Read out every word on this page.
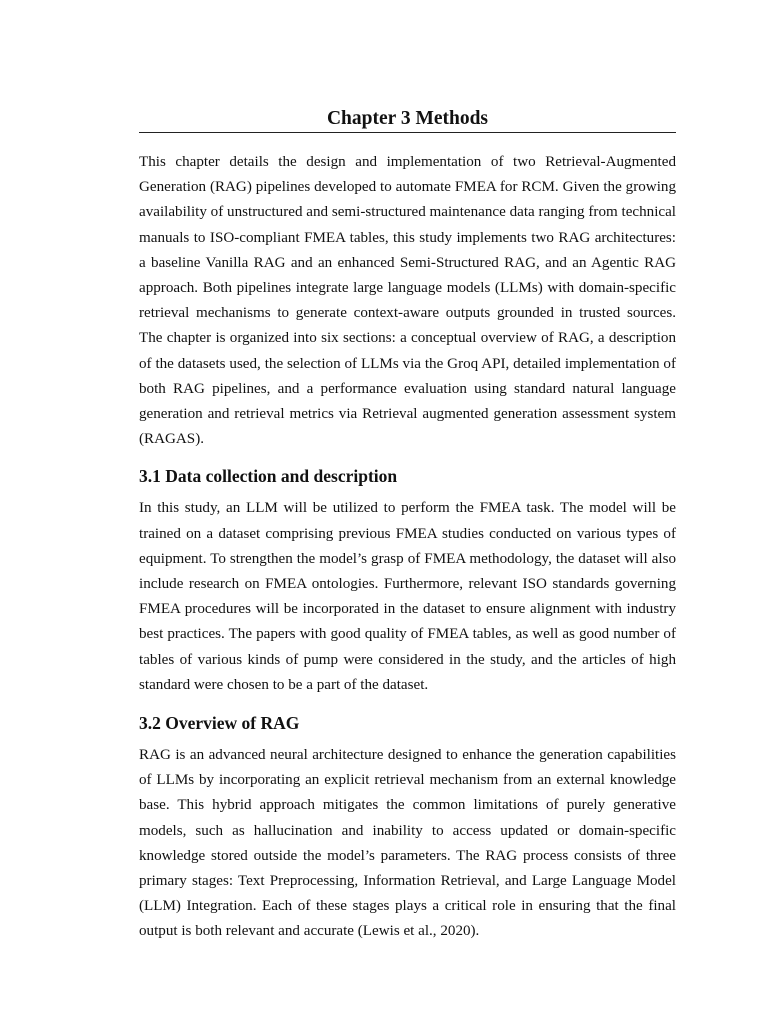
Chapter 3 Methods

This chapter details the design and implementation of two Retrieval-Augmented Generation (RAG) pipelines developed to automate FMEA for RCM. Given the growing availability of unstructured and semi-structured maintenance data ranging from technical manuals to ISO-compliant FMEA tables, this study implements two RAG architectures: a baseline Vanilla RAG and an enhanced Semi-Structured RAG, and an Agentic RAG approach. Both pipelines integrate large language models (LLMs) with domain-specific retrieval mechanisms to generate context-aware outputs grounded in trusted sources. The chapter is organized into six sections: a conceptual overview of RAG, a description of the datasets used, the selection of LLMs via the Groq API, detailed implementation of both RAG pipelines, and a performance evaluation using standard natural language generation and retrieval metrics via Retrieval augmented generation assessment system (RAGAS).

3.1 Data collection and description

In this study, an LLM will be utilized to perform the FMEA task. The model will be trained on a dataset comprising previous FMEA studies conducted on various types of equipment. To strengthen the model’s grasp of FMEA methodology, the dataset will also include research on FMEA ontologies. Furthermore, relevant ISO standards governing FMEA procedures will be incorporated in the dataset to ensure alignment with industry best practices. The papers with good quality of FMEA tables, as well as good number of tables of various kinds of pump were considered in the study, and the articles of high standard were chosen to be a part of the dataset.

3.2 Overview of RAG

RAG is an advanced neural architecture designed to enhance the generation capabilities of LLMs by incorporating an explicit retrieval mechanism from an external knowledge base. This hybrid approach mitigates the common limitations of purely generative models, such as hallucination and inability to access updated or domain-specific knowledge stored outside the model’s parameters. The RAG process consists of three primary stages: Text Preprocessing, Information Retrieval, and Large Language Model (LLM) Integration. Each of these stages plays a critical role in ensuring that the final output is both relevant and accurate (Lewis et al., 2020).
